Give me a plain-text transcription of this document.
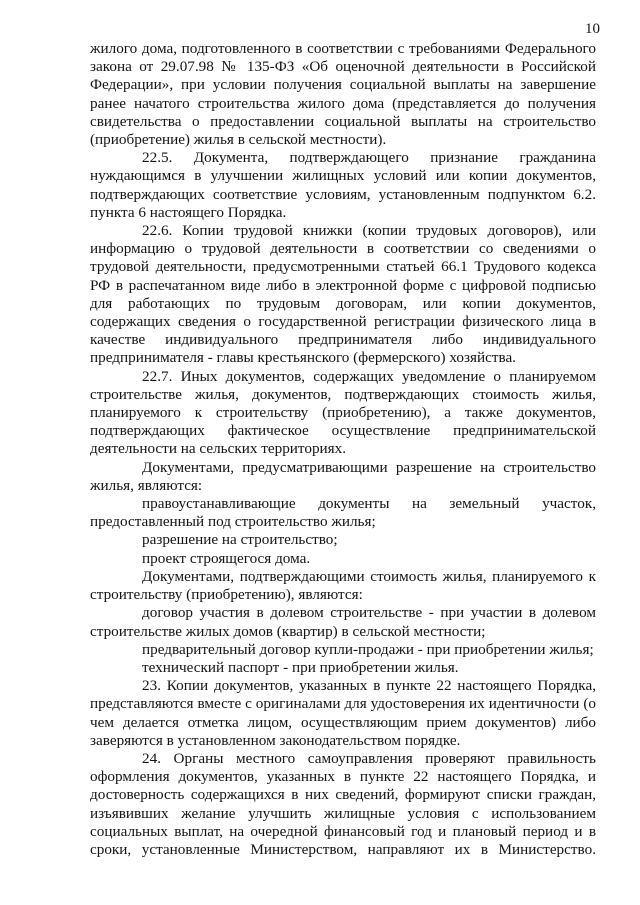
10

жилого дома, подготовленного в соответствии с требованиями Федерального закона от 29.07.98 № 135-ФЗ «Об оценочной деятельности в Российской Федерации», при условии получения социальной выплаты на завершение ранее начатого строительства жилого дома (представляется до получения свидетельства о предоставлении социальной выплаты на строительство (приобретение) жилья в сельской местности).

22.5. Документа, подтверждающего признание гражданина нуждающимся в улучшении жилищных условий или копии документов, подтверждающих соответствие условиям, установленным подпунктом 6.2. пункта 6 настоящего Порядка.

22.6. Копии трудовой книжки (копии трудовых договоров), или информацию о трудовой деятельности в соответствии со сведениями о трудовой деятельности, предусмотренными статьей 66.1 Трудового кодекса РФ в распечатанном виде либо в электронной форме с цифровой подписью для работающих по трудовым договорам, или копии документов, содержащих сведения о государственной регистрации физического лица в качестве индивидуального предпринимателя либо индивидуального предпринимателя - главы крестьянского (фермерского) хозяйства.

22.7. Иных документов, содержащих уведомление о планируемом строительстве жилья, документов, подтверждающих стоимость жилья, планируемого к строительству (приобретению), а также документов, подтверждающих фактическое осуществление предпринимательской деятельности на сельских территориях.

Документами, предусматривающими разрешение на строительство жилья, являются:

правоустанавливающие документы на земельный участок, предоставленный под строительство жилья;

разрешение на строительство;

проект строящегося дома.

Документами, подтверждающими стоимость жилья, планируемого к строительству (приобретению), являются:

договор участия в долевом строительстве - при участии в долевом строительстве жилых домов (квартир) в сельской местности;

предварительный договор купли-продажи - при приобретении жилья;

технический паспорт - при приобретении жилья.

23. Копии документов, указанных в пункте 22 настоящего Порядка, представляются вместе с оригиналами для удостоверения их идентичности (о чем делается отметка лицом, осуществляющим прием документов) либо заверяются в установленном законодательством порядке.

24. Органы местного самоуправления проверяют правильность оформления документов, указанных в пункте 22 настоящего Порядка, и достоверность содержащихся в них сведений, формируют списки граждан, изъявивших желание улучшить жилищные условия с использованием социальных выплат, на очередной финансовый год и плановый период и в сроки, установленные Министерством, направляют их в Министерство.
